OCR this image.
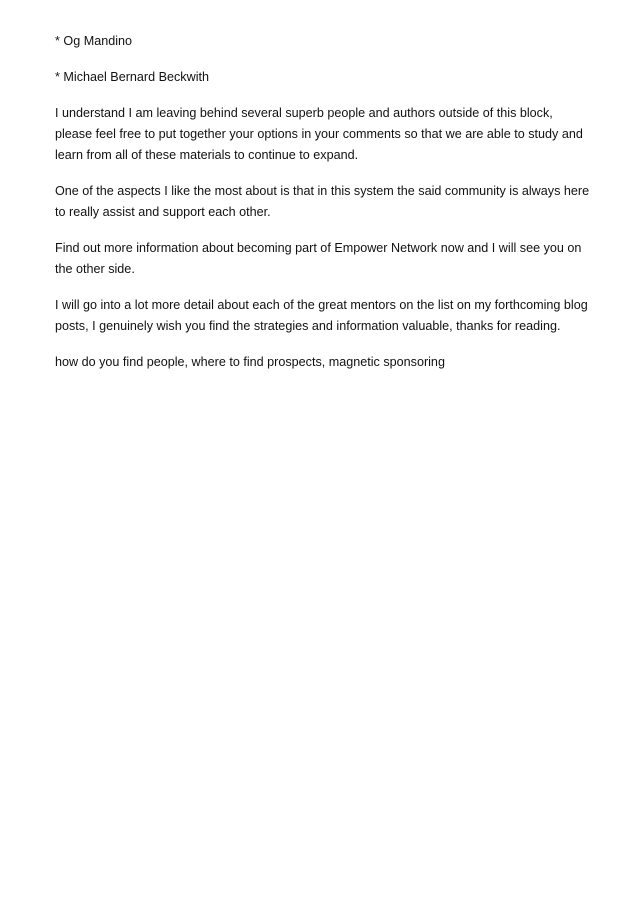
* Og Mandino

* Michael Bernard Beckwith

I understand I am leaving behind several superb people and authors outside of this block, please feel free to put together your options in your comments so that we are able to study and learn from all of these materials to continue to expand.

One of the aspects I like the most about is that in this system the said community is always here to really assist and support each other.

Find out more information about becoming part of Empower Network now and I will see you on the other side.

I will go into a lot more detail about each of the great mentors on the list on my forthcoming blog posts, I genuinely wish you find the strategies and information valuable, thanks for reading.

how do you find people, where to find prospects, magnetic sponsoring
